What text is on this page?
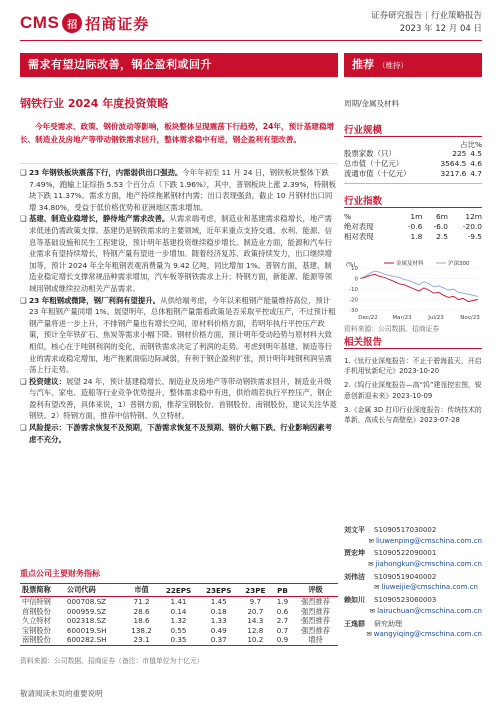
CMS 招 招商证券	证券研究报告 | 行业策略报告
2023 年 12 月 04 日
需求有望边际改善，钢企盈利或回升	推荐 （维持）
钢铁行业 2024 年度投资策略	周期/金属及材料
今年受需求、政策、钢价波动等影响，板块整体呈现震荡下行趋势，24年，预计基建稳增长、制造业及房地产等带动钢铁需求回升，整体需求稳中有进，钢企盈利有望改善。
❑ 23 年钢铁板块震荡下行，内需弱供出口强劲。今年年初至 11 月 24 日，钢铁板块整体下跌 7.49%，跑输上证综指 5.53 个百分点（下跌 1.96%），其中，普钢板块上涨 2.39%，特钢板块下跌 11.37%。需求方面，地产持续拖累钢材内需；出口表现强劲，截止 10 月钢材出口同增 34.80%，受益于低价格优势和亚洲地区需求增加。
❑ 基建、制造业稳增长，静待地产需求改善。从需求端考虑，制造业和基建需求稳增长，地产需求低迷仍需政策支撑。基建仍是钢铁需求的主要领域，近年来重点支持交通、水利、能源、信息等基础设施和民生工程建设，预计明年基建投资继续稳步增长。制造业方面，能源和汽车行业需求有望持续增长，特钢产量有望进一步增加。随着经济复苏、政策持续发力，出口继续增加等，预计 2024 年全年粗钢表观消费量为 9.42 亿吨，同比增加 1%。普钢方面，基建、制造业稳定增长支撑常规品种需求增加，汽车板等钢铁需求上升；特钢方面，新能源、能源等领域用钢或继续拉动相关产品需求。
❑ 23 年粗钢或微降，钢厂利润有望提升。从供给端考虑，今年以来粗钢产能量维持高位，预计 23 年粗钢产量同增 1%。展望明年，总体粗钢产量需看政策是否采取平控或压产，不过预计粗钢产量将进一步上升，不排钢产量也有增长空间，原材料价格方面，若明年执行平控压产政策，预计全年铁矿石、焦炭等需求小幅下降。钢材价格方面，预计明年受动趋势与原材料大致相似，核心在于吨钢利润的变化，而钢铁需求决定了利润的走势。考虑到明年基建、制造等行业的需求或稳定增加，地产拖累面临边际减弱，有利于钢企盈利扩张，预计明年吨钢利润呈震荡上行走势。
❑ 投资建议：展望 24 年，预计基建稳增长、制造业及房地产等带动钢铁需求回升，制造业升级与汽车、家电、造船等行业竞争优势提升，整体需求稳中有进，供给端若执行平控压产，钢企盈利有望改善，具体来说，1）普钢方面，推荐宝钢股份、首钢股份、南钢股份，建议关注华菱钢铁。2）特钢方面，推荐中信特钢、久立特材。
❑ 风险提示：下游需求恢复不及预期，下游需求恢复不及预期、钢价大幅下跌、行业影响因素考虑不充分。
重点公司主要财务指标
股票简称	公司代码	市值	22EPS	23EPS	23PE	PB	评级
中信特钢	000708.SZ	71.2	1.41	1.45	9.7	1.9	强烈推荐
首钢股份	000959.SZ	28.6	0.14	0.18	20.7	0.6	强烈推荐
久立特材	002318.SZ	18.6	1.32	1.33	14.3	2.7	强烈推荐
宝钢股份	600019.SH	138.2	0.55	0.49	12.8	0.7	强烈推荐
南钢股份	600282.SH	23.1	0.35	0.37	10.2	0.9	增持
资料来源：公司数据、招商证券（备注：市值单位为十亿元）
敬请阅读末页的重要说明
行业规模
占比%
股票家数（只）	225	4.5
总市值（十亿元）	3564.5	4.6
流通市值（十亿元）	3217.6	4.7
行业指数
%	1m	6m	12m
绝对表现	-0.6	-6.0	-20.0
相对表现	1.8	2.5	-9.5
10
0
-10
-20
-30
Dec/22	Mar/23	Jul/23	Nov/23
金属及材料	沪深300
(%)
资料来源：公司数据、招商证券
相关报告
1.《钛行业深度报告：不止于碧海蓝天，开启手机用钛新纪元》2023-10-20
2.《钨行业深度报告—高“钨”建瓴控宏图，锐意创新迎未来》2023-10-09
3.《金属 3D 打印行业深度报告：传统技术的革新，高成长与高壁垒》2023-07-28
刘文平	S1090517030002
✉ liuwenping@cmschina.com.cn
贾宏坤	S1090522090001
✉ jiahongkun@cmschina.com.cn
刘伟洁	S1090519040002
✉ liuweijie@cmschina.com.cn
赖如川	S1090523060003
✉ lairuchuan@cmschina.com.cn
王逸群	研究助理
✉ wangyiqing@cmschina.com.cn
